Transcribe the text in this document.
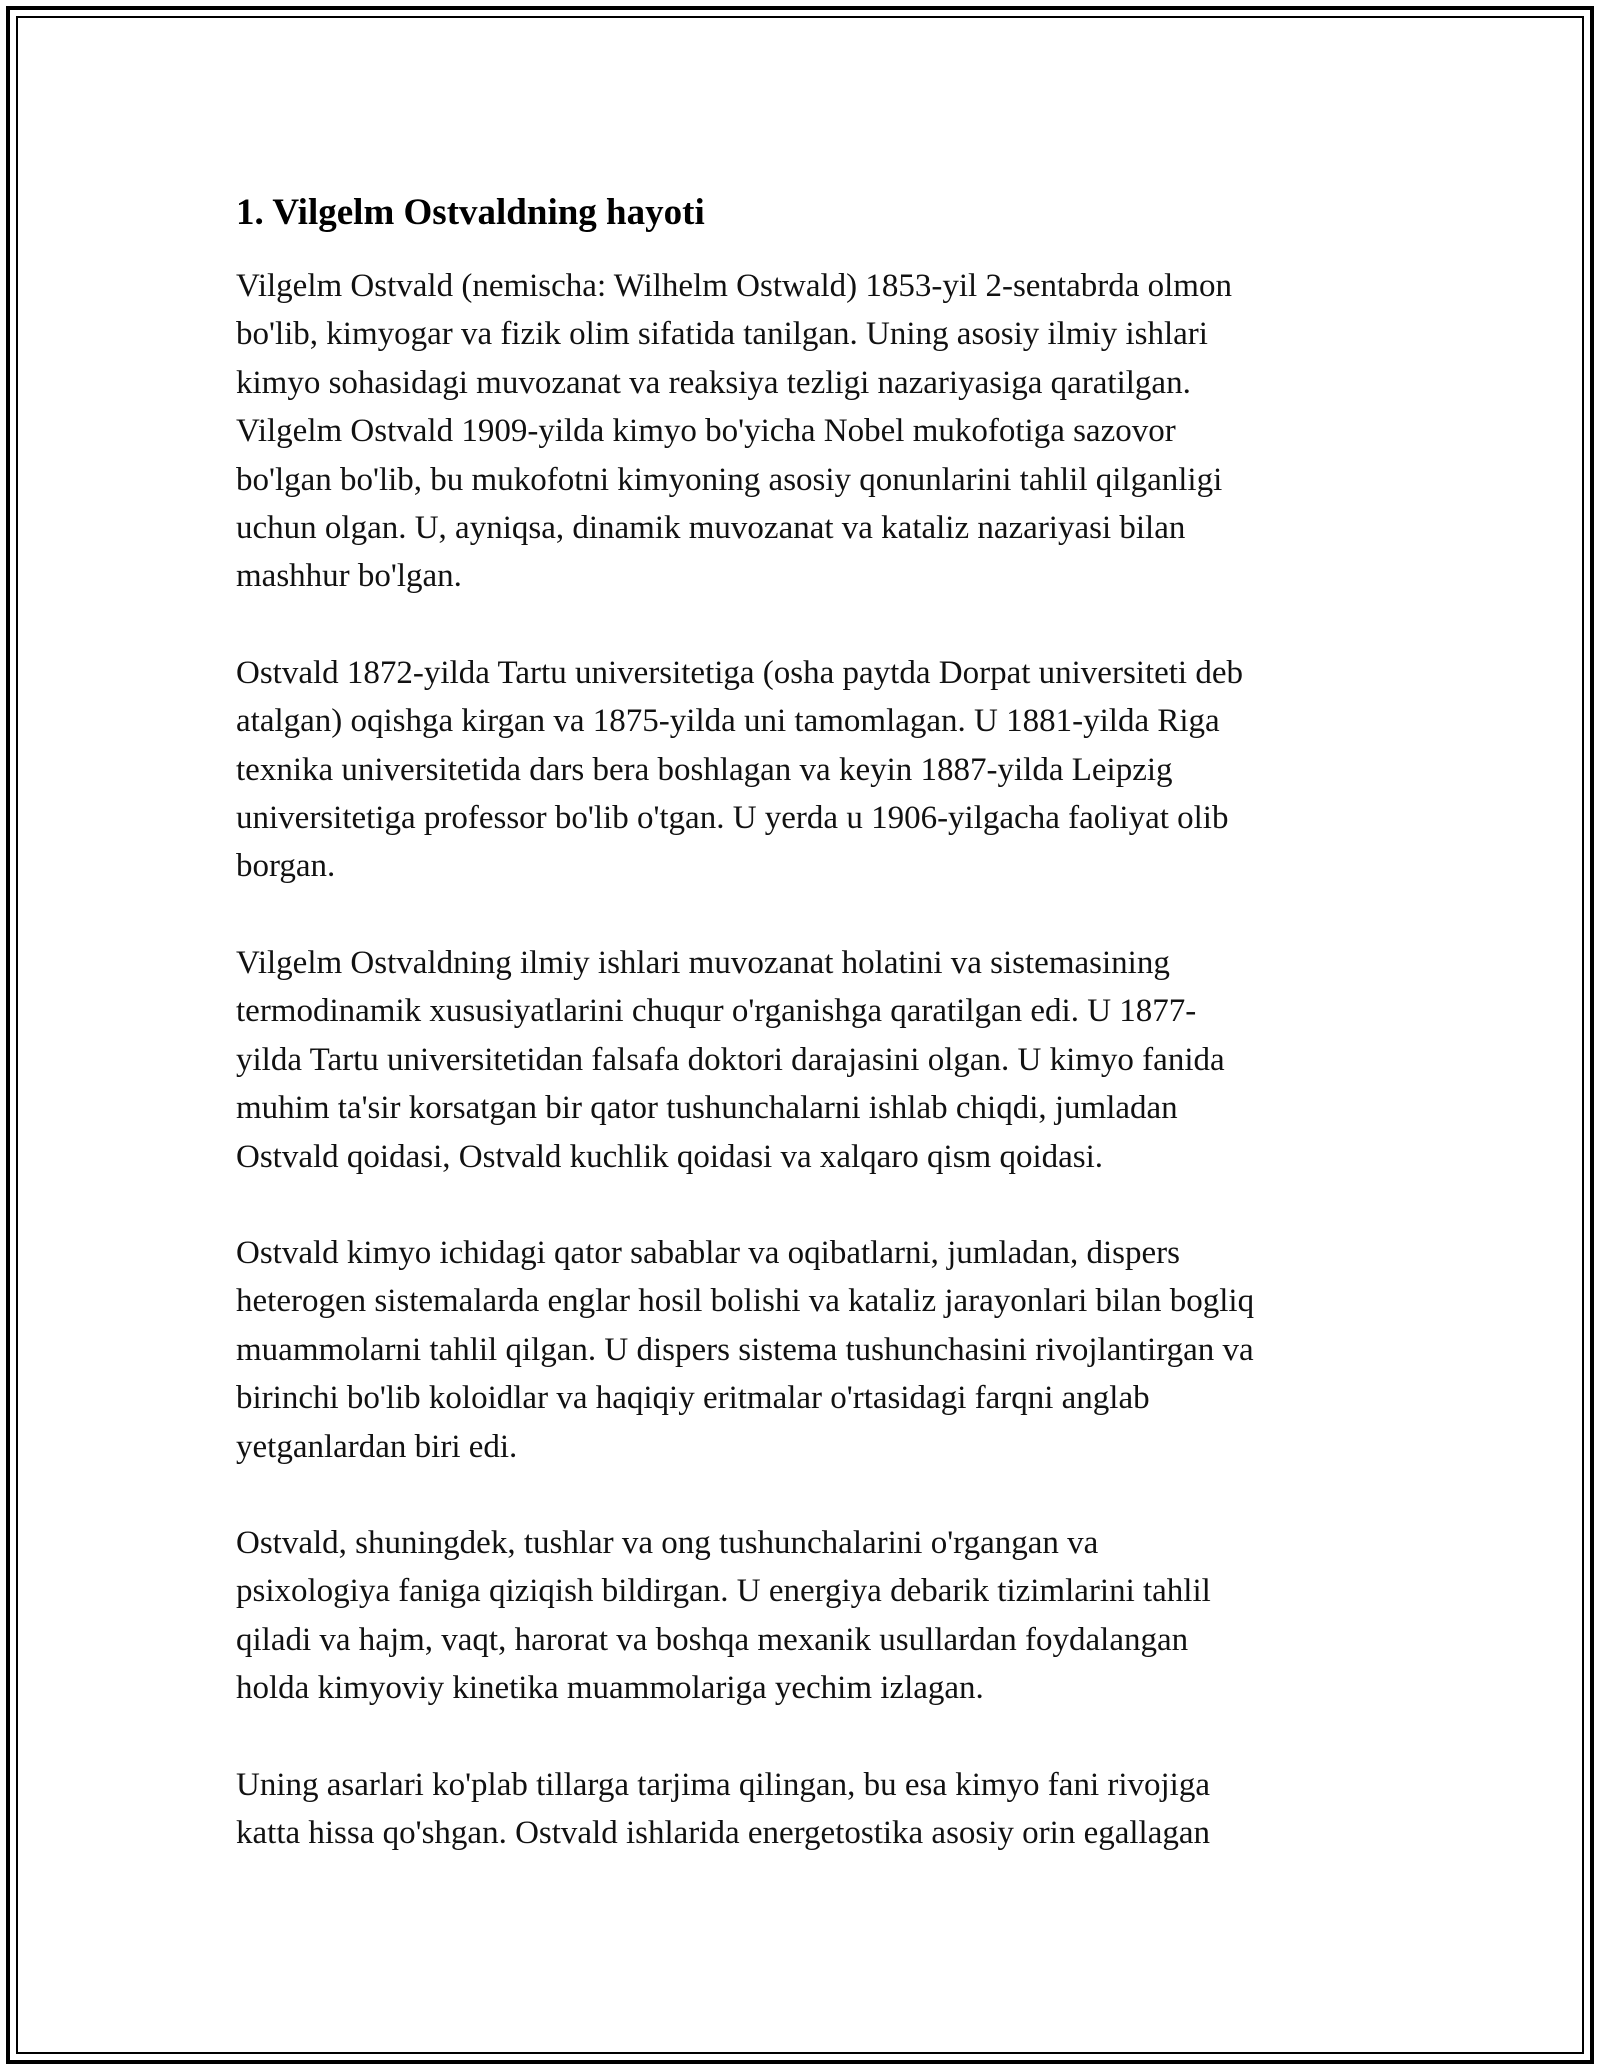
1. Vilgelm Ostvaldning hayoti

Vilgelm Ostvald (nemischa: Wilhelm Ostwald) 1853-yil 2-sentabrda olmon
bo'lib, kimyogar va fizik olim sifatida tanilgan. Uning asosiy ilmiy ishlari
kimyo sohasidagi muvozanat va reaksiya tezligi nazariyasiga qaratilgan.
Vilgelm Ostvald 1909-yilda kimyo bo'yicha Nobel mukofotiga sazovor
bo'lgan bo'lib, bu mukofotni kimyoning asosiy qonunlarini tahlil qilganligi
uchun olgan. U, ayniqsa, dinamik muvozanat va kataliz nazariyasi bilan
mashhur bo'lgan.

Ostvald 1872-yilda Tartu universitetiga (osha paytda Dorpat universiteti deb
atalgan) oqishga kirgan va 1875-yilda uni tamomlagan. U 1881-yilda Riga
texnika universitetida dars bera boshlagan va keyin 1887-yilda Leipzig
universitetiga professor bo'lib o'tgan. U yerda u 1906-yilgacha faoliyat olib
borgan.

Vilgelm Ostvaldning ilmiy ishlari muvozanat holatini va sistemasining
termodinamik xususiyatlarini chuqur o'rganishga qaratilgan edi. U 1877-
yilda Tartu universitetidan falsafa doktori darajasini olgan. U kimyo fanida
muhim ta'sir korsatgan bir qator tushunchalarni ishlab chiqdi, jumladan
Ostvald qoidasi, Ostvald kuchlik qoidasi va xalqaro qism qoidasi.

Ostvald kimyo ichidagi qator sabablar va oqibatlarni, jumladan, dispers
heterogen sistemalarda englar hosil bolishi va kataliz jarayonlari bilan bogliq
muammolarni tahlil qilgan. U dispers sistema tushunchasini rivojlantirgan va
birinchi bo'lib koloidlar va haqiqiy eritmalar o'rtasidagi farqni anglab
yetganlardan biri edi.

Ostvald, shuningdek, tushlar va ong tushunchalarini o'rgangan va
psixologiya faniga qiziqish bildirgan. U energiya debarik tizimlarini tahlil
qiladi va hajm, vaqt, harorat va boshqa mexanik usullardan foydalangan
holda kimyoviy kinetika muammolariga yechim izlagan.

Uning asarlari ko'plab tillarga tarjima qilingan, bu esa kimyo fani rivojiga
katta hissa qo'shgan. Ostvald ishlarida energetostika asosiy orin egallagan
